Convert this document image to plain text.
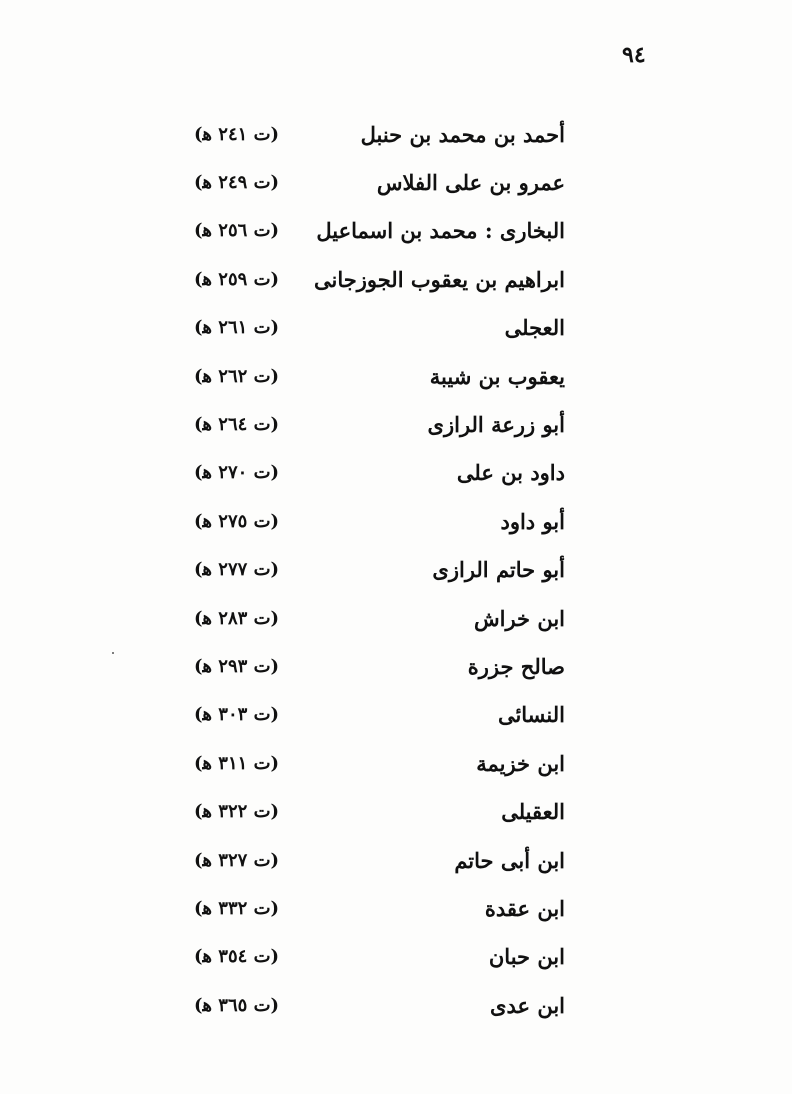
٩٤
أحمد بن محمد بن حنبل
(ت ٢٤١ ﻫ)
عمرو بن على الفلاس
(ت ٢٤٩ ﻫ)
البخارى : محمد بن اسماعيل
(ت ٢٥٦ ﻫ)
ابراهيم بن يعقوب الجوزجانى
(ت ٢٥٩ ﻫ)
العجلى
(ت ٢٦١ ﻫ)
يعقوب بن شيبة
(ت ٢٦٢ ﻫ)
أبو زرعة الرازى
(ت ٢٦٤ ﻫ)
داود بن على
(ت ٢٧٠ ﻫ)
أبو داود
(ت ٢٧٥ ﻫ)
أبو حاتم الرازى
(ت ٢٧٧ ﻫ)
ابن خراش
(ت ٢٨٣ ﻫ)
صالح جزرة
(ت ٢٩٣ ﻫ)
النسائى
(ت ٣٠٣ ﻫ)
ابن خزيمة
(ت ٣١١ ﻫ)
العقيلى
(ت ٣٢٢ ﻫ)
ابن أبى حاتم
(ت ٣٢٧ ﻫ)
ابن عقدة
(ت ٣٣٢ ﻫ)
ابن حبان
(ت ٣٥٤ ﻫ)
ابن عدى
(ت ٣٦٥ ﻫ)
